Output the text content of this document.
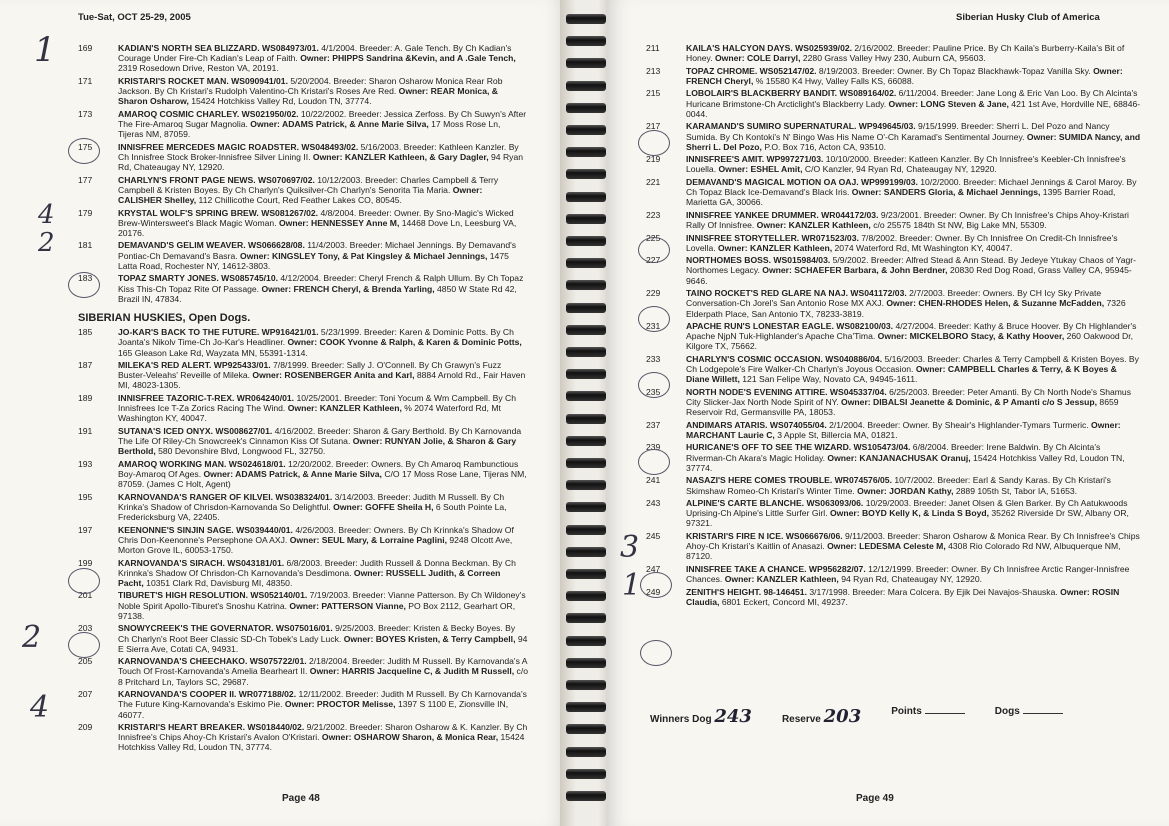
Tue-Sat, OCT 25-29, 2005
169	KADIAN'S NORTH SEA BLIZZARD. WS084973/01. 4/1/2004. Breeder: A. Gale Tench. By Ch Kadian's Courage Under Fire-Ch Kadian's Leap of Faith. Owner: PHIPPS Sandrina &Kevin, and A .Gale Tench, 2319 Rosedown Drive, Reston VA, 20191.
171	KRISTARI'S ROCKET MAN. WS090941/01. 5/20/2004. Breeder: Sharon Osharow Monica Rear Rob Jackson. By Ch Kristari's Rudolph Valentino-Ch Kristari's Roses Are Red. Owner: REAR Monica, & Sharon Osharow, 15424 Hotchkiss Valley Rd, Loudon TN, 37774.
173	AMAROQ COSMIC CHARLEY. WS021950/02. 10/22/2002. Breeder: Jessica Zerfoss. By Ch Suwyn's After The Fire-Amaroq Sugar Magnolia. Owner: ADAMS Patrick, & Anne Marie Silva, 17 Moss Rose Ln, Tijeras NM, 87059.
175	INNISFREE MERCEDES MAGIC ROADSTER. WS048493/02. 5/16/2003. Breeder: Kathleen Kanzler. By Ch Innisfree Stock Broker-Innisfree Silver Lining II. Owner: KANZLER Kathleen, & Gary Dagler, 94 Ryan Rd, Chateaugay NY, 12920.
177	CHARLYN'S FRONT PAGE NEWS. WS070697/02. 10/12/2003. Breeder: Charles Campbell & Terry Campbell & Kristen Boyes. By Ch Charlyn's Quiksilver-Ch Charlyn's Senorita Tia Maria. Owner: CALISHER Shelley, 112 Chillicothe Court, Red Feather Lakes CO, 80545.
179	KRYSTAL WOLF'S SPRING BREW. WS081267/02. 4/8/2004. Breeder: Owner. By Sno-Magic's Wicked Brew-Wintersweet's Black Magic Woman. Owner: HENNESSEY Anne M, 14468 Dove Ln, Leesburg VA, 20176.
181	DEMAVAND'S GELIM WEAVER. WS066628/08. 11/4/2003. Breeder: Michael Jennings. By Demavand's Pontiac-Ch Demavand's Basra. Owner: KINGSLEY Tony, & Pat Kingsley & Michael Jennings, 1475 Latta Road, Rochester NY, 14612-3803.
183	TOPAZ SMARTY JONES. WS085745/10. 4/12/2004. Breeder: Cheryl French & Ralph Ullum. By Ch Topaz Kiss This-Ch Topaz Rite Of Passage. Owner: FRENCH Cheryl, & Brenda Yarling, 4850 W State Rd 42, Brazil IN, 47834.
SIBERIAN HUSKIES, Open Dogs.
185	JO-KAR'S BACK TO THE FUTURE. WP916421/01. 5/23/1999. Breeder: Karen & Dominic Potts. By Ch Joanta's Nikolv Time-Ch Jo-Kar's Headliner. Owner: COOK Yvonne & Ralph, & Karen & Dominic Potts, 165 Gleason Lake Rd, Wayzata MN, 55391-1314.
187	MILEKA'S RED ALERT. WP925433/01. 7/8/1999. Breeder: Sally J. O'Connell. By Ch Grawyn's Fuzz Buster-Veleahs' Reveille of Mileka. Owner: ROSENBERGER Anita and Karl, 8884 Arnold Rd., Fair Haven MI, 48023-1305.
189	INNISFREE TAZORIC-T-REX. WR064240/01. 10/25/2001. Breeder: Toni Yocum & Wm Campbell. By Ch Innisfrees Ice T-Za Zorics Racing The Wind. Owner: KANZLER Kathleen, % 2074 Waterford Rd, Mt Washington KY, 40047.
191	SUTANA'S ICED ONYX. WS008627/01. 4/16/2002. Breeder: Sharon & Gary Berthold. By Ch Karnovanda The Life Of Riley-Ch Snowcreek's Cinnamon Kiss Of Sutana. Owner: RUNYAN Jolie, & Sharon & Gary Berthold, 580 Devonshire Blvd, Longwood FL, 32750.
193	AMAROQ WORKING MAN. WS024618/01. 12/20/2002. Breeder: Owners. By Ch Amaroq Rambunctious Boy-Amaroq Of Ages. Owner: ADAMS Patrick, & Anne Marie Silva, C/O 17 Moss Rose Lane, Tijeras NM, 87059. (James C Holt, Agent)
195	KARNOVANDA'S RANGER OF KILVEI. WS038324/01. 3/14/2003. Breeder: Judith M Russell. By Ch Krinka's Shadow of Chrisdon-Karnovanda So Delightful. Owner: GOFFE Sheila H, 6 South Pointe La, Fredericksburg VA, 22405.
197	KEENONNE'S SINJIN SAGE. WS039440/01. 4/26/2003. Breeder: Owners. By Ch Krinnka's Shadow Of Chris Don-Keenonne's Persephone OA AXJ. Owner: SEUL Mary, & Lorraine Paglini, 9248 Olcott Ave, Morton Grove IL, 60053-1750.
199	KARNOVANDA'S SIRACH. WS043181/01. 6/8/2003. Breeder: Judith Russell & Donna Beckman. By Ch Krinnka's Shadow Of Chrisdon-Ch Karnovanda's Desdimona. Owner: RUSSELL Judith, & Correen Pacht, 10351 Clark Rd, Davisburg MI, 48350.
201	TIBURET'S HIGH RESOLUTION. WS052140/01. 7/19/2003. Breeder: Vianne Patterson. By Ch Wildoney's Noble Spirit Apollo-Tiburet's Snoshu Katrina. Owner: PATTERSON Vianne, PO Box 2112, Gearhart OR, 97138.
203	SNOWYCREEK'S THE GOVERNATOR. WS075016/01. 9/25/2003. Breeder: Kristen & Becky Boyes. By Ch Charlyn's Root Beer Classic SD-Ch Tobek's Lady Luck. Owner: BOYES Kristen, & Terry Campbell, 94 E Sierra Ave, Cotati CA, 94931.
205	KARNOVANDA'S CHEECHAKO. WS075722/01. 2/18/2004. Breeder: Judith M Russell. By Karnovanda's A Touch Of Frost-Karnovanda's Amelia Bearheart II. Owner: HARRIS Jacqueline C, & Judith M Russell, c/o 8 Pritchard Ln, Taylors SC, 29687.
207	KARNOVANDA'S COOPER II. WR077188/02. 12/11/2002. Breeder: Judith M Russell. By Ch Karnovanda's The Future King-Karnovanda's Eskimo Pie. Owner: PROCTOR Melisse, 1397 S 1100 E, Zionsville IN, 46077.
209	KRISTARI'S HEART BREAKER. WS018440/02. 9/21/2002. Breeder: Sharon Osharow & K. Kanzler. By Ch Innisfree's Chips Ahoy-Ch Kristari's Avalon O'Kristari. Owner: OSHAROW Sharon, & Monica Rear, 15424 Hotchkiss Valley Rd, Loudon TN, 37774.
Page 48
Siberian Husky Club of America
211	KAILA'S HALCYON DAYS. WS025939/02. 2/16/2002. Breeder: Pauline Price. By Ch Kaila's Burberry-Kaila's Bit of Honey. Owner: COLE Darryl, 2280 Grass Valley Hwy 230, Auburn CA, 95603.
213	TOPAZ CHROME. WS052147/02. 8/19/2003. Breeder: Owner. By Ch Topaz Blackhawk-Topaz Vanilla Sky. Owner: FRENCH Cheryl, % 15580 K4 Hwy, Valley Falls KS, 66088.
215	LOBOLAIR'S BLACKBERRY BANDIT. WS089164/02. 6/11/2004. Breeder: Jane Long & Eric Van Loo. By Ch Alcinta's Huricane Brimstone-Ch Arcticlight's Blackberry Lady. Owner: LONG Steven & Jane, 421 1st Ave, Hordville NE, 68846-0044.
217	KARAMAND'S SUMIRO SUPERNATURAL. WP949645/03. 9/15/1999. Breeder: Sherri L. Del Pozo and Nancy Sumida. By Ch Kontoki's N' Bingo Was His Name O'-Ch Karamad's Sentimental Journey. Owner: SUMIDA Nancy, and Sherri L. Del Pozo, P.O. Box 716, Acton CA, 93510.
219	INNISFREE'S AMIT. WP997271/03. 10/10/2000. Breeder: Katleen Kanzler. By Ch Innisfree's Keebler-Ch Innisfree's Louella. Owner: ESHEL Amit, C/O Kanzler, 94 Ryan Rd, Chateaugay NY, 12920.
221	DEMAVAND'S MAGICAL MOTION OA OAJ. WP999199/03. 10/2/2000. Breeder: Michael Jennings & Carol Maroy. By Ch Topaz Black Ice-Demavand's Black Iris. Owner: SANDERS Gloria, & Michael Jennings, 1395 Barrier Road, Marietta GA, 30066.
223	INNISFREE YANKEE DRUMMER. WR044172/03. 9/23/2001. Breeder: Owner. By Ch Innisfree's Chips Ahoy-Kristari Rally Of Innisfree. Owner: KANZLER Kathleen, c/o 25575 184th St NW, Big Lake MN, 55309.
225	INNISFREE STORYTELLER. WR071523/03. 7/8/2002. Breeder: Owner. By Ch Innisfree On Credit-Ch Innisfree's Lovella. Owner: KANZLER Kathleen, 2074 Waterford Rd, Mt Washington KY, 40047.
227	NORTHOMES BOSS. WS015984/03. 5/9/2002. Breeder: Alfred Stead & Ann Stead. By Jedeye Ytukay Chaos of Yagr-Northomes Legacy. Owner: SCHAEFER Barbara, & John Berdner, 20830 Red Dog Road, Grass Valley CA, 95945-9646.
229	TAINO ROCKET'S RED GLARE NA NAJ. WS041172/03. 2/7/2003. Breeder: Owners. By CH Icy Sky Private Conversation-Ch Jorel's San Antonio Rose MX AXJ. Owner: CHEN-RHODES Helen, & Suzanne McFadden, 7326 Elderpath Place, San Antonio TX, 78233-3819.
231	APACHE RUN'S LONESTAR EAGLE. WS082100/03. 4/27/2004. Breeder: Kathy & Bruce Hoover. By Ch Highlander's Apache NjpN Tuk-Highlander's Apache Cha'Tima. Owner: MICKELBORO Stacy, & Kathy Hoover, 260 Oakwood Dr, Kilgore TX, 75662.
233	CHARLYN'S COSMIC OCCASION. WS040886/04. 5/16/2003. Breeder: Charles & Terry Campbell & Kristen Boyes. By Ch Lodgepole's Fire Walker-Ch Charlyn's Joyous Occasion. Owner: CAMPBELL Charles & Terry, & K Boyes & Diane Willett, 121 San Felipe Way, Novato CA, 94945-1611.
235	NORTH NODE'S EVENING ATTIRE. WS045337/04. 6/25/2003. Breeder: Peter Amanti. By Ch North Node's Shamus City Slicker-Jax North Node Spirit of NY. Owner: DIBALSI Jeanette & Dominic, & P Amanti c/o S Jessup, 8659 Reservoir Rd, Germansville PA, 18053.
237	ANDIMARS ATARIS. WS074055/04. 2/1/2004. Breeder: Owner. By Sheair's Highlander-Tymars Turmeric. Owner: MARCHANT Laurie C, 3 Apple St, Billercia MA, 01821.
239	HURICANE'S OFF TO SEE THE WIZARD. WS105473/04. 6/8/2004. Breeder: Irene Baldwin. By Ch Alcinta's Riverman-Ch Akara's Magic Holiday. Owner: KANJANACHUSAK Oranuj, 15424 Hotchkiss Valley Rd, Loudon TN, 37774.
241	NASAZI'S HERE COMES TROUBLE. WR074576/05. 10/7/2002. Breeder: Earl & Sandy Karas. By Ch Kristari's Skimshaw Romeo-Ch Kristari's Winter Time. Owner: JORDAN Kathy, 2889 105th St, Tabor IA, 51653.
243	ALPINE'S CARTE BLANCHE. WS063093/06. 10/29/2003. Breeder: Janet Olsen & Glen Barker. By Ch Aatukwoods Uprising-Ch Alpine's Little Surfer Girl. Owner: BOYD Kelly K, & Linda S Boyd, 35262 Riverside Dr SW, Albany OR, 97321.
245	KRISTARI'S FIRE N ICE. WS066676/06. 9/11/2003. Breeder: Sharon Osharow & Monica Rear. By Ch Innisfree's Chips Ahoy-Ch Kristari's Kaitlin of Anasazi. Owner: LEDESMA Celeste M, 4308 Rio Colorado Rd NW, Albuquerque NM, 87120.
247	INNISFREE TAKE A CHANCE. WP956282/07. 12/12/1999. Breeder: Owner. By Ch Innisfree Arctic Ranger-Innisfree Chances. Owner: KANZLER Kathleen, 94 Ryan Rd, Chateaugay NY, 12920.
249	ZENITH'S HEIGHT. 98-146451. 3/17/1998. Breeder: Mara Colcera. By Ejik Dei Navajos-Shauska. Owner: ROSIN Claudia, 6801 Eckert, Concord MI, 49237.
Page 49
Winners Dog 243	Reserve 203	Points	Dogs
1
4
2
2
4
3
1
